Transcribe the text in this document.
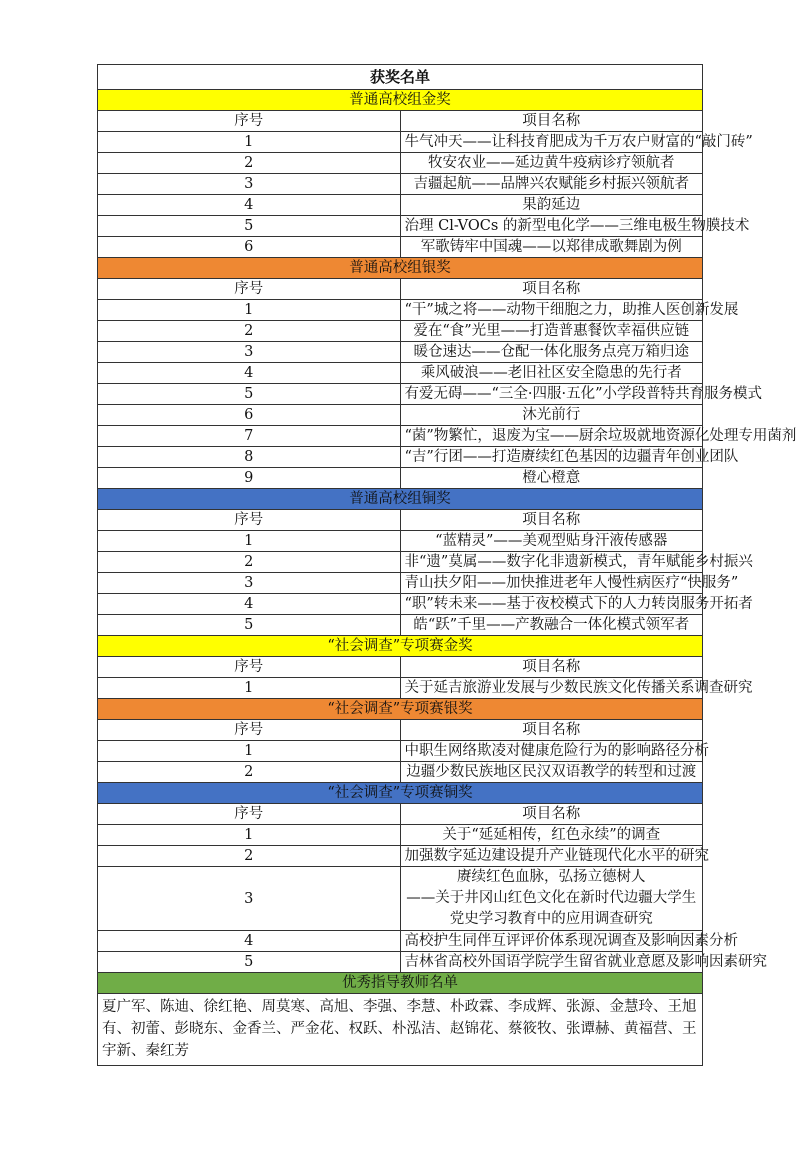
获奖名单	
普通高校组金奖	
序号	项目名称
1	牛气冲天——让科技育肥成为千万农户财富的“敲门砖”
2	牧安农业——延边黄牛疫病诊疗领航者
3	吉疆起航——品牌兴农赋能乡村振兴领航者
4	果韵延边
5	治理 Cl-VOCs 的新型电化学——三维电极生物膜技术
6	军歌铸牢中国魂——以郑律成歌舞剧为例
普通高校组银奖	
序号	项目名称
1	“干”城之将——动物干细胞之力，助推人医创新发展
2	爱在“食”光里——打造普惠餐饮幸福供应链
3	暖仓速达——仓配一体化服务点亮万箱归途
4	乘风破浪——老旧社区安全隐患的先行者
5	有爱无碍——“三全·四服·五化”小学段普特共育服务模式
6	沐光前行
7	“菌”物繁忙，退废为宝——厨余垃圾就地资源化处理专用菌剂
8	“吉”行团——打造赓续红色基因的边疆青年创业团队
9	橙心橙意
普通高校组铜奖	
序号	项目名称
1	“蓝精灵”——美观型贴身汗液传感器
2	非“遗”莫属——数字化非遗新模式，青年赋能乡村振兴
3	青山扶夕阳——加快推进老年人慢性病医疗“快服务”
4	“职”转未来——基于夜校模式下的人力转岗服务开拓者
5	皓“跃”千里——产教融合一体化模式领军者
“社会调查”专项赛金奖	
序号	项目名称
1	关于延吉旅游业发展与少数民族文化传播关系调查研究
“社会调查”专项赛银奖	
序号	项目名称
1	中职生网络欺凌对健康危险行为的影响路径分析
2	边疆少数民族地区民汉双语教学的转型和过渡
“社会调查”专项赛铜奖	
序号	项目名称
1	关于“延延相传，红色永续”的调查
2	加强数字延边建设提升产业链现代化水平的研究
3	赓续红色血脉，弘扬立德树人
——关于井冈山红色文化在新时代边疆大学生党史学习教育中的应用调查研究
4	高校护生同伴互评评价体系现况调查及影响因素分析
5	吉林省高校外国语学院学生留省就业意愿及影响因素研究
优秀指导教师名单	
夏广军、陈迪、徐红艳、周莫寒、高旭、李强、李慧、朴政霖、李成辉、张源、金慧玲、王旭有、初蕾、彭晓东、金香兰、严金花、权跃、朴泓洁、赵锦花、蔡筱牧、张谭赫、黄福营、王宇新、秦红芳	
